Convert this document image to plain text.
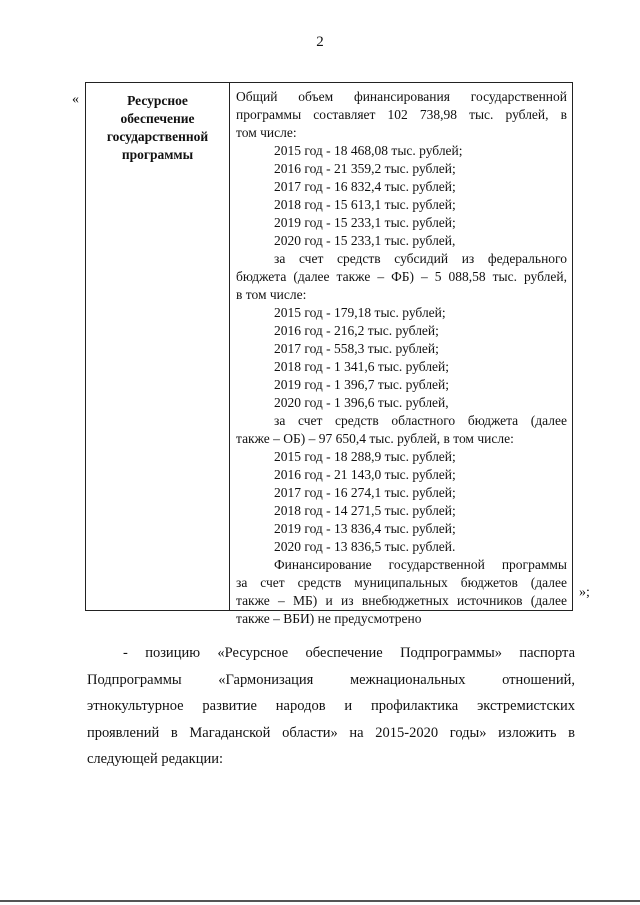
2
«
»;
Ресурсное
обеспечение
государственной
программы
Общий объем финансирования государственной
программы составляет 102 738,98 тыс. рублей, в
том числе:
2015 год - 18 468,08 тыс. рублей;
2016 год - 21 359,2 тыс. рублей;
2017 год - 16 832,4 тыс. рублей;
2018 год - 15 613,1 тыс. рублей;
2019 год - 15 233,1 тыс. рублей;
2020 год - 15 233,1 тыс. рублей,
за счет средств субсидий из федерального
бюджета (далее также – ФБ) – 5 088,58 тыс. рублей,
в том числе:
2015 год - 179,18 тыс. рублей;
2016 год - 216,2 тыс. рублей;
2017 год - 558,3 тыс. рублей;
2018 год - 1 341,6 тыс. рублей;
2019 год - 1 396,7 тыс. рублей;
2020 год - 1 396,6 тыс. рублей,
за счет средств областного бюджета (далее
также – ОБ) – 97 650,4 тыс. рублей, в том числе:
2015 год - 18 288,9 тыс. рублей;
2016 год - 21 143,0 тыс. рублей;
2017 год - 16 274,1 тыс. рублей;
2018 год - 14 271,5 тыс. рублей;
2019 год - 13 836,4 тыс. рублей;
2020 год - 13 836,5 тыс. рублей.
Финансирование государственной программы
за счет средств муниципальных бюджетов (далее
также – МБ) и из внебюджетных источников (далее
также – ВБИ) не предусмотрено
- позицию «Ресурсное обеспечение Подпрограммы» паспорта
Подпрограммы «Гармонизация межнациональных отношений,
этнокультурное развитие народов и профилактика экстремистских
проявлений в Магаданской области» на 2015-2020 годы» изложить в
следующей редакции:
